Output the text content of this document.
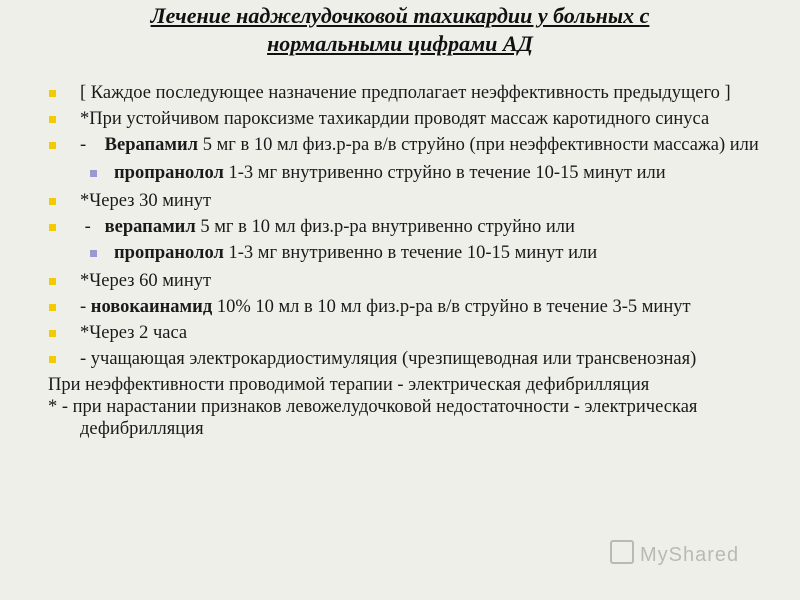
Лечение наджелудочковой тахикардии у больных с
нормальными цифрами АД
[ Каждое последующее назначение предполагает неэффективность предыдущего ]
*При устойчивом пароксизме тахикардии проводят массаж каротидного синуса
-    Верапамил 5 мг в 10 мл физ.р-ра в/в струйно (при неэффективности массажа) или
пропранолол 1-3 мг внутривенно струйно в течение 10-15 минут или
*Через 30 минут
-   верапамил 5 мг в 10 мл физ.р-ра внутривенно струйно или
пропранолол 1-3 мг внутривенно в течение 10-15 минут или
*Через 60 минут
- новокаинамид 10% 10 мл в 10 мл физ.р-ра в/в струйно в течение 3-5 минут
*Через 2 часа
- учащающая электрокардиостимуляция (чрезпищеводная или трансвенозная)
При неэффективности проводимой терапии - электрическая дефибрилляция
* - при нарастании признаков левожелудочковой недостаточности - электрическая дефибрилляция
MyShared
